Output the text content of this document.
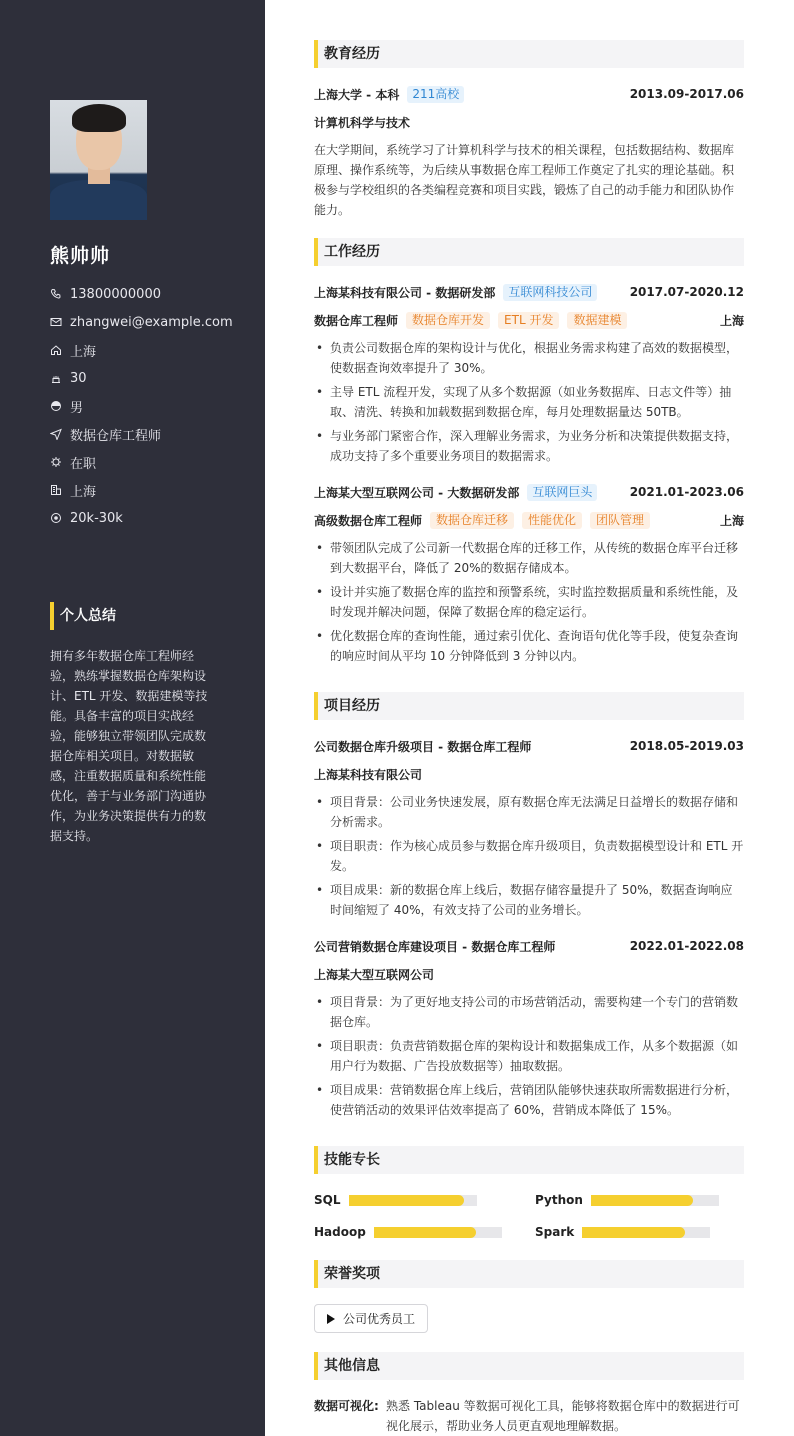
熊帅帅
13800000000
zhangwei@example.com
上海
30
男
数据仓库工程师
在职
上海
20k-30k
个人总结
拥有多年数据仓库工程师经验，熟练掌握数据仓库架构设计、ETL 开发、数据建模等技能。具备丰富的项目实战经验，能够独立带领团队完成数据仓库相关项目。对数据敏感，注重数据质量和系统性能优化，善于与业务部门沟通协作，为业务决策提供有力的数据支持。
教育经历
上海大学 - 本科	211高校	2013.09-2017.06
计算机科学与技术
在大学期间，系统学习了计算机科学与技术的相关课程，包括数据结构、数据库原理、操作系统等，为后续从事数据仓库工程师工作奠定了扎实的理论基础。积极参与学校组织的各类编程竞赛和项目实践，锻炼了自己的动手能力和团队协作能力。
工作经历
上海某科技有限公司 - 数据研发部	互联网科技公司	2017.07-2020.12
数据仓库工程师	数据仓库开发	ETL 开发	数据建模	上海
• 负责公司数据仓库的架构设计与优化，根据业务需求构建了高效的数据模型，使数据查询效率提升了 30%。
• 主导 ETL 流程开发，实现了从多个数据源（如业务数据库、日志文件等）抽取、清洗、转换和加载数据到数据仓库，每月处理数据量达 50TB。
• 与业务部门紧密合作，深入理解业务需求，为业务分析和决策提供数据支持，成功支持了多个重要业务项目的数据需求。
上海某大型互联网公司 - 大数据研发部	互联网巨头	2021.01-2023.06
高级数据仓库工程师	数据仓库迁移	性能优化	团队管理	上海
• 带领团队完成了公司新一代数据仓库的迁移工作，从传统的数据仓库平台迁移到大数据平台，降低了 20%的数据存储成本。
• 设计并实施了数据仓库的监控和预警系统，实时监控数据质量和系统性能，及时发现并解决问题，保障了数据仓库的稳定运行。
• 优化数据仓库的查询性能，通过索引优化、查询语句优化等手段，使复杂查询的响应时间从平均 10 分钟降低到 3 分钟以内。
项目经历
公司数据仓库升级项目 - 数据仓库工程师	2018.05-2019.03
上海某科技有限公司
• 项目背景：公司业务快速发展，原有数据仓库无法满足日益增长的数据存储和分析需求。
• 项目职责：作为核心成员参与数据仓库升级项目，负责数据模型设计和 ETL 开发。
• 项目成果：新的数据仓库上线后，数据存储容量提升了 50%，数据查询响应时间缩短了 40%，有效支持了公司的业务增长。
公司营销数据仓库建设项目 - 数据仓库工程师	2022.01-2022.08
上海某大型互联网公司
• 项目背景：为了更好地支持公司的市场营销活动，需要构建一个专门的营销数据仓库。
• 项目职责：负责营销数据仓库的架构设计和数据集成工作，从多个数据源（如用户行为数据、广告投放数据等）抽取数据。
• 项目成果：营销数据仓库上线后，营销团队能够快速获取所需数据进行分析，使营销活动的效果评估效率提高了 60%，营销成本降低了 15%。
技能专长
SQL	Python
Hadoop	Spark
荣誉奖项
公司优秀员工
其他信息
数据可视化: 熟悉 Tableau 等数据可视化工具，能够将数据仓库中的数据进行可视化展示，帮助业务人员更直观地理解数据。
